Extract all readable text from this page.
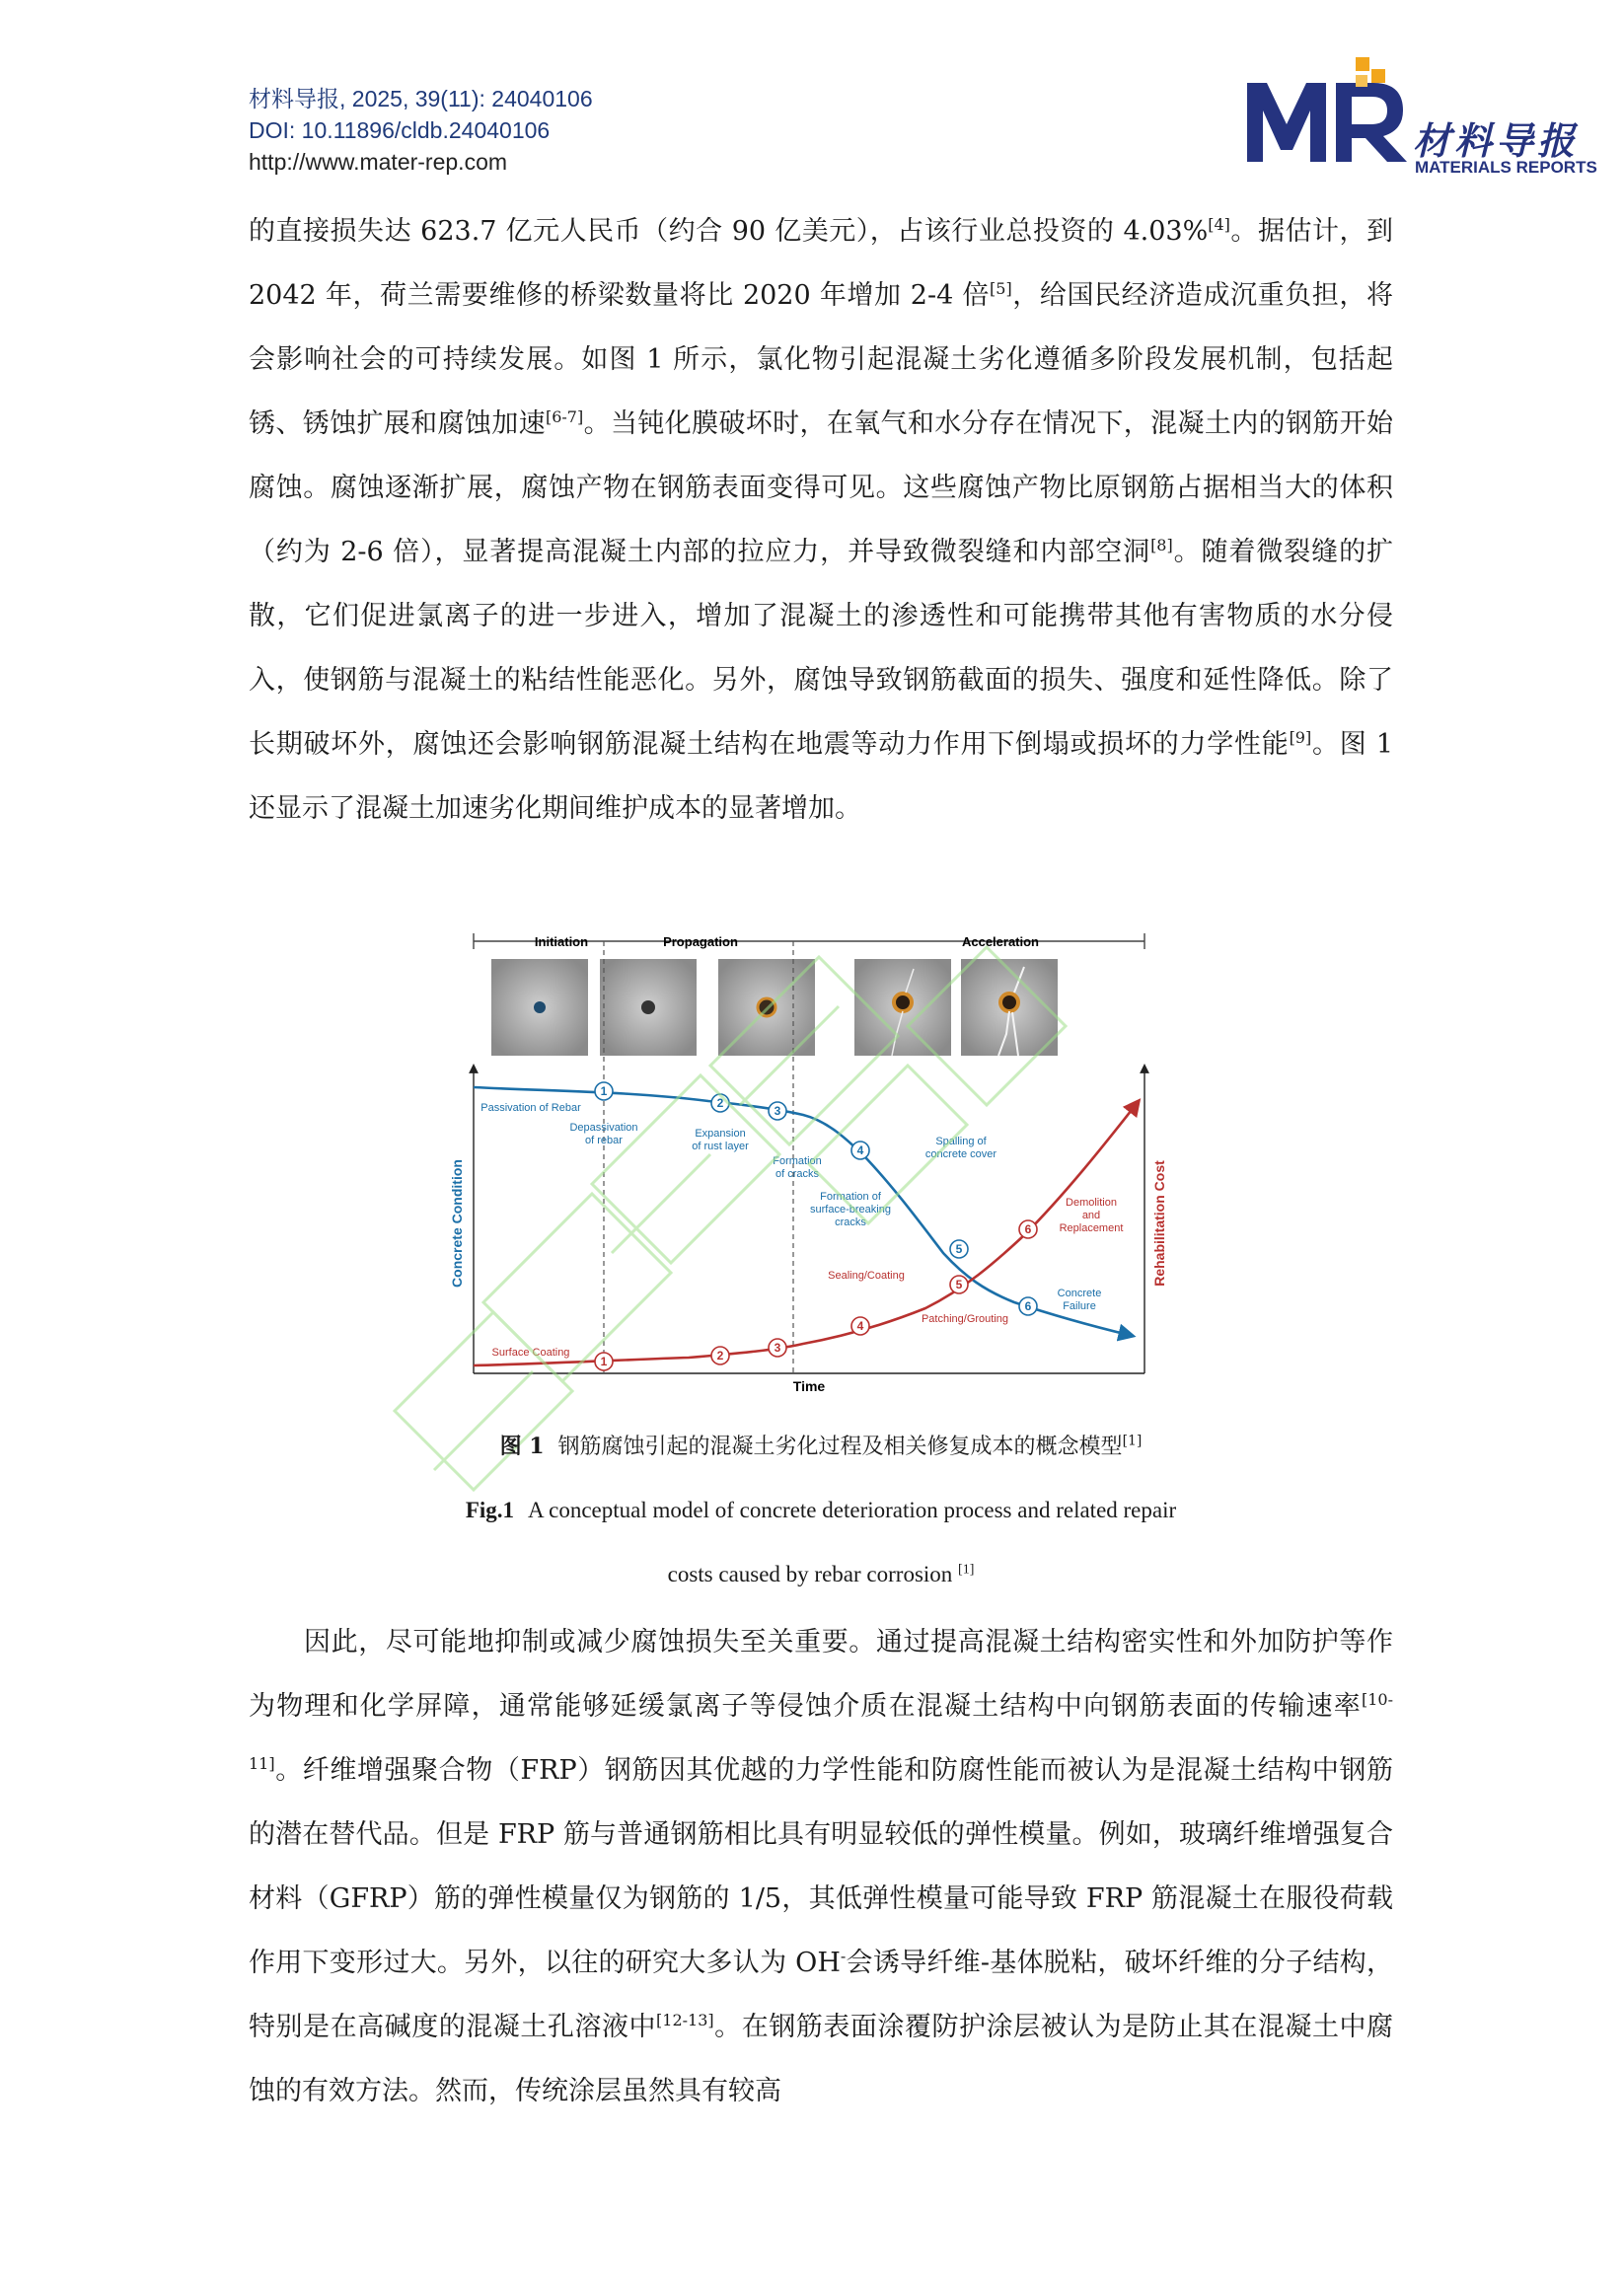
材料导报, 2025, 39(11): 24040106
DOI: 10.11896/cldb.24040106
http://www.mater-rep.com	材料导报
MATERIALS REPORTS

的直接损失达 623.7 亿元人民币（约合 90 亿美元），占该行业总投资的 4.03%[4]。据估计，到 2042 年，荷兰需要维修的桥梁数量将比 2020 年增加 2-4 倍[5]，给国民经济造成沉重负担，将会影响社会的可持续发展。如图 1 所示，氯化物引起混凝土劣化遵循多阶段发展机制，包括起锈、锈蚀扩展和腐蚀加速[6-7]。当钝化膜破坏时，在氧气和水分存在情况下，混凝土内的钢筋开始腐蚀。腐蚀逐渐扩展，腐蚀产物在钢筋表面变得可见。这些腐蚀产物比原钢筋占据相当大的体积（约为 2-6 倍），显著提高混凝土内部的拉应力，并导致微裂缝和内部空洞[8]。随着微裂缝的扩散，它们促进氯离子的进一步进入，增加了混凝土的渗透性和可能携带其他有害物质的水分侵入，使钢筋与混凝土的粘结性能恶化。另外，腐蚀导致钢筋截面的损失、强度和延性降低。除了长期破坏外，腐蚀还会影响钢筋混凝土结构在地震等动力作用下倒塌或损坏的力学性能[9]。图 1 还显示了混凝土加速劣化期间维护成本的显著增加。

Initiation	Propagation	Acceleration
Concrete Condition	Rehabilitation Cost
Time
1
2
3
4
5
6
1	2
3
4
5
6
Passivation of Rebar
Depassivation
of rebar
Expansion
of rust layer
Formation
of cracks
Formation of
surface-breaking
cracks
Spalling of
concrete cover
Concrete
Failure
Surface Coating
Sealing/Coating
Patching/Grouting
Demolition
and
Replacement
图 1 钢筋腐蚀引起的混凝土劣化过程及相关修复成本的概念模型[1]
Fig.1 A conceptual model of concrete deterioration process and related repair
costs caused by rebar corrosion [1]

因此，尽可能地抑制或减少腐蚀损失至关重要。通过提高混凝土结构密实性和外加防护等作为物理和化学屏障，通常能够延缓氯离子等侵蚀介质在混凝土结构中向钢筋表面的传输速率[10-11]。纤维增强聚合物（FRP）钢筋因其优越的力学性能和防腐性能而被认为是混凝土结构中钢筋的潜在替代品。但是 FRP 筋与普通钢筋相比具有明显较低的弹性模量。例如，玻璃纤维增强复合材料（GFRP）筋的弹性模量仅为钢筋的 1/5，其低弹性模量可能导致 FRP 筋混凝土在服役荷载作用下变形过大。另外，以往的研究大多认为 OH-会诱导纤维-基体脱粘，破坏纤维的分子结构，特别是在高碱度的混凝土孔溶液中[12-13]。在钢筋表面涂覆防护涂层被认为是防止其在混凝土中腐蚀的有效方法。然而，传统涂层虽然具有较高
